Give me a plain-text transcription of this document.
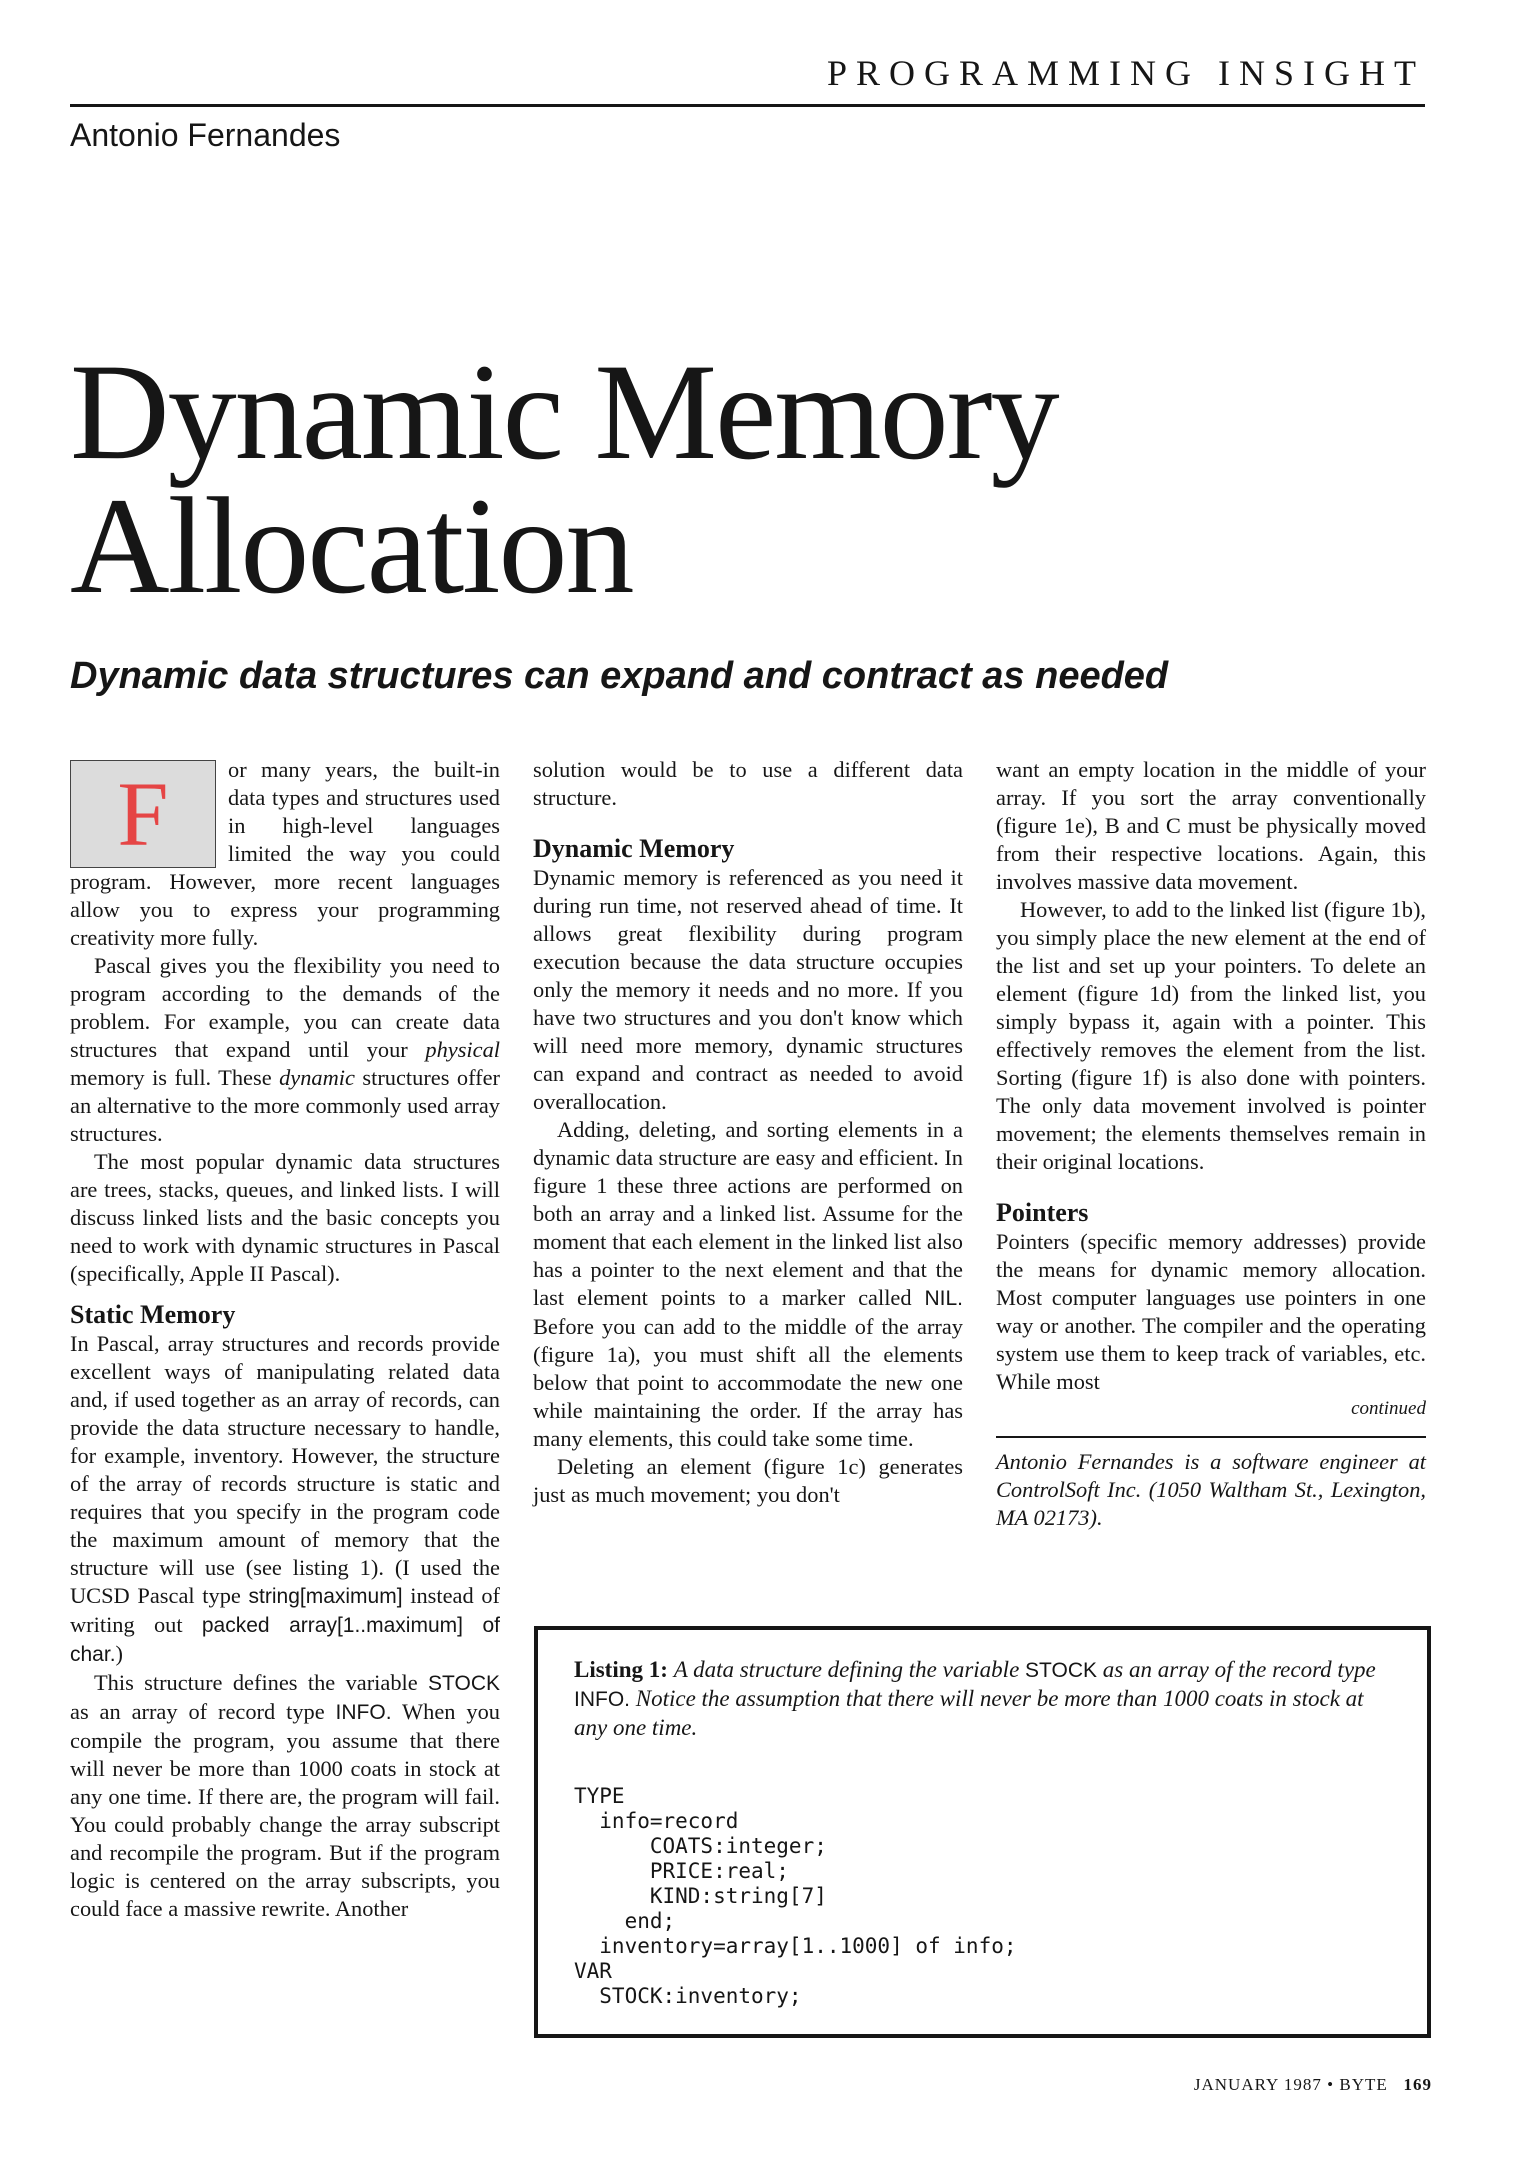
PROGRAMMING INSIGHT
Antonio Fernandes
Dynamic Memory
Allocation
Dynamic data structures can expand and contract as needed
F	or many years, the built-in data types and structures used in high-level languages limited the way you could program. However, more recent languages allow you to express your programming creativity more fully.

Pascal gives you the flexibility you need to program according to the demands of the problem. For example, you can create data structures that expand until your physical memory is full. These dynamic structures offer an alternative to the more commonly used array structures.

The most popular dynamic data structures are trees, stacks, queues, and linked lists. I will discuss linked lists and the basic concepts you need to work with dynamic structures in Pascal (specifically, Apple II Pascal).

Static Memory

In Pascal, array structures and records provide excellent ways of manipulating related data and, if used together as an array of records, can provide the data structure necessary to handle, for example, inventory. However, the structure of the array of records structure is static and requires that you specify in the program code the maximum amount of memory that the structure will use (see listing 1). (I used the UCSD Pascal type string[maximum] instead of writing out packed array[1..maximum] of char.)

This structure defines the variable STOCK as an array of record type INFO. When you compile the program, you assume that there will never be more than 1000 coats in stock at any one time. If there are, the program will fail. You could probably change the array subscript and recompile the program. But if the program logic is centered on the array subscripts, you could face a massive rewrite. Another

solution would be to use a different data structure.

Dynamic Memory

Dynamic memory is referenced as you need it during run time, not reserved ahead of time. It allows great flexibility during program execution because the data structure occupies only the memory it needs and no more. If you have two structures and you don't know which will need more memory, dynamic structures can expand and contract as needed to avoid overallocation.

Adding, deleting, and sorting elements in a dynamic data structure are easy and efficient. In figure 1 these three actions are performed on both an array and a linked list. Assume for the moment that each element in the linked list also has a pointer to the next element and that the last element points to a marker called NIL. Before you can add to the middle of the array (figure 1a), you must shift all the elements below that point to accommodate the new one while maintaining the order. If the array has many elements, this could take some time.

Deleting an element (figure 1c) generates just as much movement; you don't

want an empty location in the middle of your array. If you sort the array conventionally (figure 1e), B and C must be physically moved from their respective locations. Again, this involves massive data movement.

However, to add to the linked list (figure 1b), you simply place the new element at the end of the list and set up your pointers. To delete an element (figure 1d) from the linked list, you simply bypass it, again with a pointer. This effectively removes the element from the list. Sorting (figure 1f) is also done with pointers. The only data movement involved is pointer movement; the elements themselves remain in their original locations.

Pointers

Pointers (specific memory addresses) provide the means for dynamic memory allocation. Most computer languages use pointers in one way or another. The compiler and the operating system use them to keep track of variables, etc. While most

continued
Antonio Fernandes is a software engineer at ControlSoft Inc. (1050 Waltham St., Lexington, MA 02173).
Listing 1: A data structure defining the variable STOCK as an array of the record type INFO. Notice the assumption that there will never be more than 1000 coats in stock at any one time.
TYPE
info=record
COATS:integer;
PRICE:real;
KIND:string[7]
end;
inventory=array[1..1000] of info;
VAR
STOCK:inventory;
JANUARY 1987 • BYTE 169
